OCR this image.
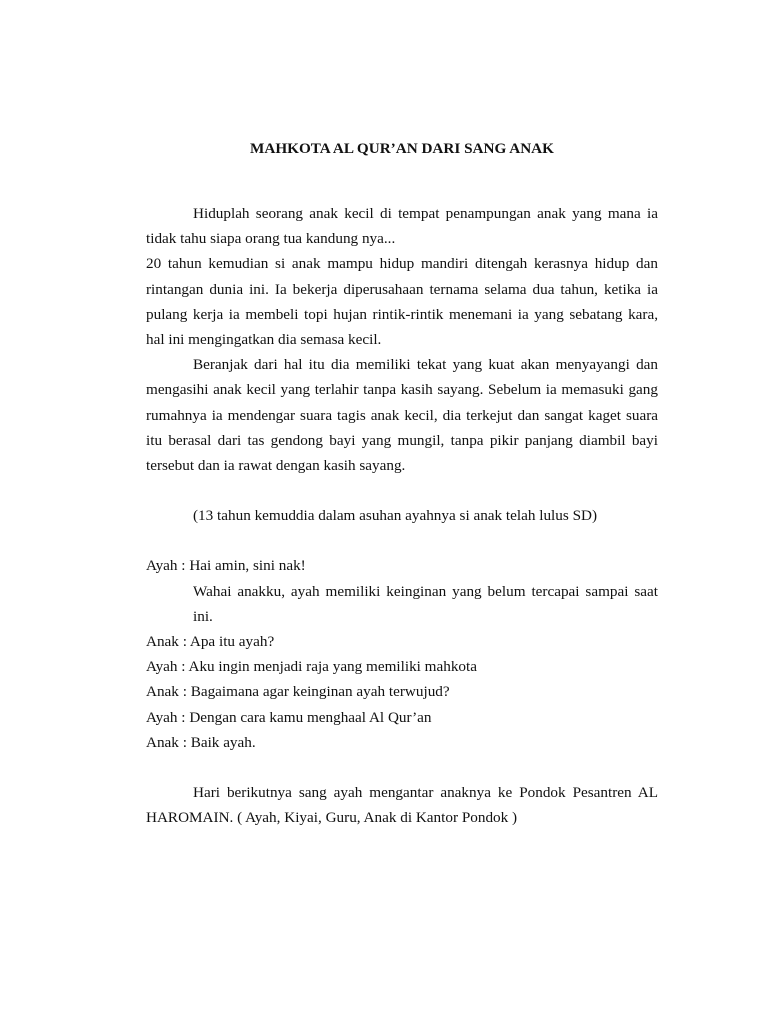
MAHKOTA AL QUR’AN DARI SANG ANAK

Hiduplah seorang anak kecil di tempat penampungan anak yang mana ia tidak tahu siapa orang tua kandung nya...

20 tahun kemudian si anak mampu hidup mandiri ditengah kerasnya hidup dan rintangan dunia ini. Ia bekerja diperusahaan ternama selama dua tahun, ketika ia pulang kerja ia membeli topi hujan rintik-rintik menemani ia yang sebatang kara, hal ini mengingatkan dia semasa kecil.

Beranjak dari hal itu dia memiliki tekat yang kuat akan menyayangi dan mengasihi anak kecil yang terlahir tanpa kasih sayang. Sebelum ia memasuki gang rumahnya ia mendengar suara tagis anak kecil, dia terkejut dan sangat kaget suara itu berasal dari tas gendong bayi yang mungil, tanpa pikir panjang diambil bayi tersebut dan ia rawat dengan kasih sayang.

(13 tahun kemuddia dalam asuhan ayahnya si anak telah lulus SD)

Ayah : Hai amin, sini nak!

Wahai anakku, ayah memiliki keinginan yang belum tercapai sampai saat ini.

Anak : Apa itu ayah?

Ayah : Aku ingin menjadi raja yang memiliki mahkota

Anak : Bagaimana agar keinginan ayah terwujud?

Ayah : Dengan cara kamu menghaal Al Qur’an

Anak : Baik ayah.

Hari berikutnya sang ayah mengantar anaknya ke Pondok Pesantren AL HAROMAIN. ( Ayah, Kiyai, Guru, Anak di Kantor Pondok )
